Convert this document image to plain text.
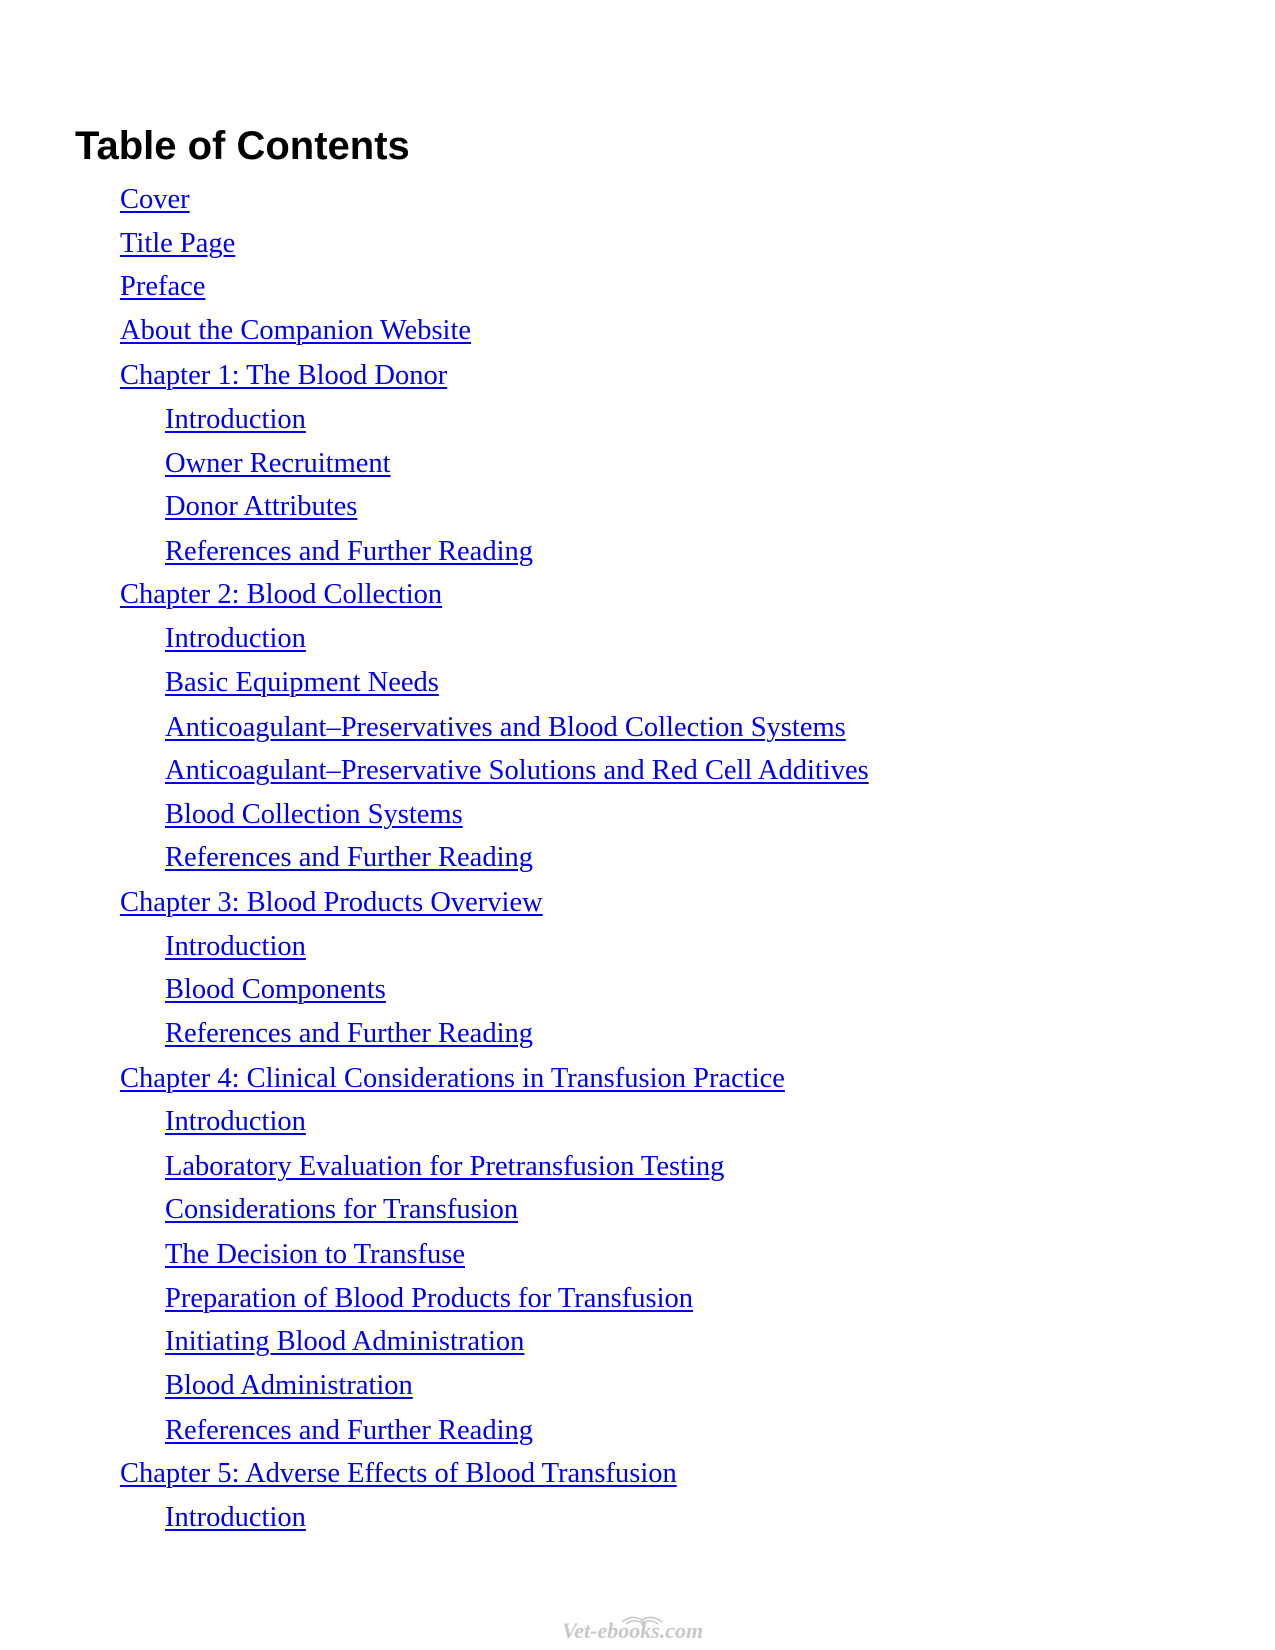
Table of Contents
Cover
Title Page
Preface
About the Companion Website
Chapter 1: The Blood Donor
Introduction
Owner Recruitment
Donor Attributes
References and Further Reading
Chapter 2: Blood Collection
Introduction
Basic Equipment Needs
Anticoagulant–Preservatives and Blood Collection Systems
Anticoagulant–Preservative Solutions and Red Cell Additives
Blood Collection Systems
References and Further Reading
Chapter 3: Blood Products Overview
Introduction
Blood Components
References and Further Reading
Chapter 4: Clinical Considerations in Transfusion Practice
Introduction
Laboratory Evaluation for Pretransfusion Testing
Considerations for Transfusion
The Decision to Transfuse
Preparation of Blood Products for Transfusion
Initiating Blood Administration
Blood Administration
References and Further Reading
Chapter 5: Adverse Effects of Blood Transfusion
Introduction
Vet-ebooks.com
